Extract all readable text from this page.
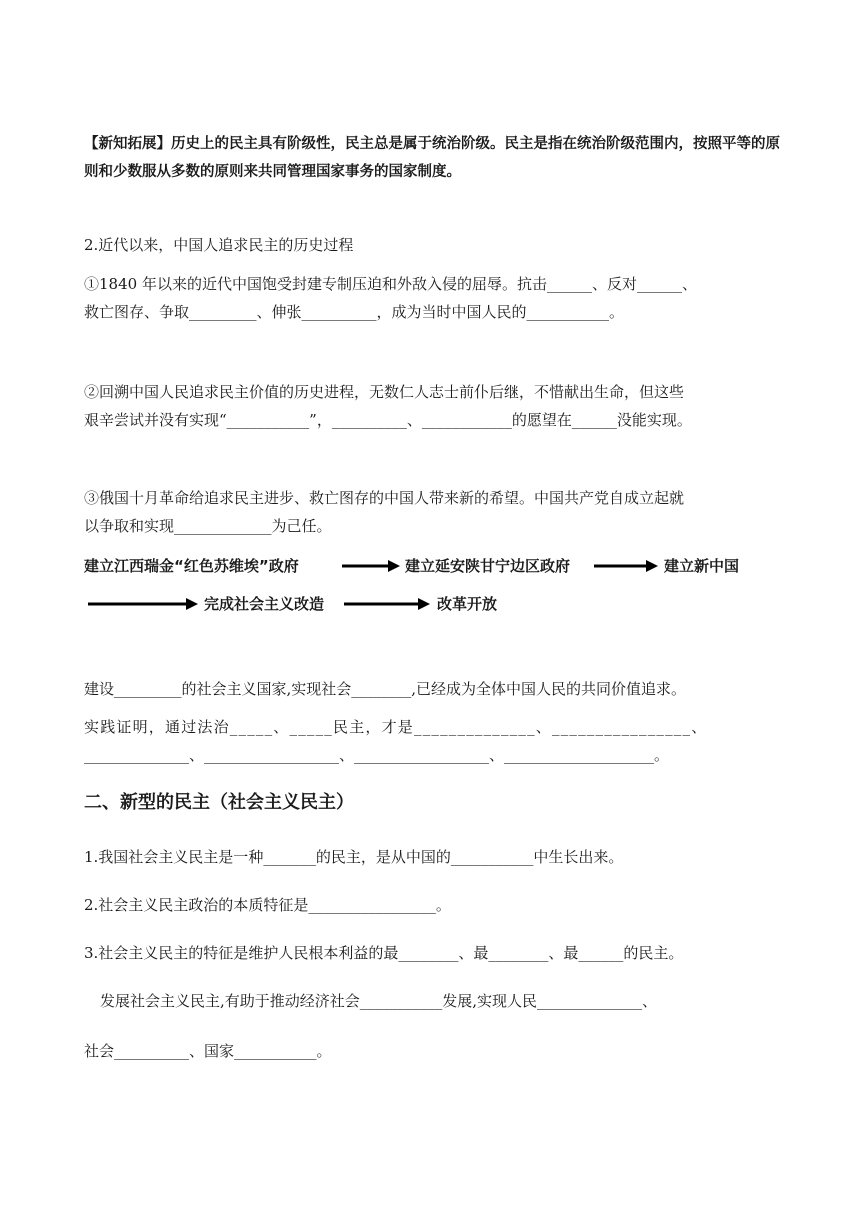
【新知拓展】历史上的民主具有阶级性，民主总是属于统治阶级。民主是指在统治阶级范围内，按照平等的原则和少数服从多数的原则来共同管理国家事务的国家制度。

2.近代以来，中国人追求民主的历史过程

①1840 年以来的近代中国饱受封建专制压迫和外敌入侵的屈辱。抗击______、反对______、

救亡图存、争取_________、伸张__________，成为当时中国人民的___________。

②回溯中国人民追求民主价值的历史进程，无数仁人志士前仆后继，不惜献出生命，但这些

艰辛尝试并没有实现“___________”，__________、____________的愿望在______没能实现。

③俄国十月革命给追求民主进步、救亡图存的中国人带来新的希望。中国共产党自成立起就

以争取和实现_____________为己任。

建立江西瑞金“红色苏维埃”政府	建立延安陕甘宁边区政府	建立新中国
完成社会主义改造	改革开放

建设_________的社会主义国家,实现社会________,已经成为全体中国人民的共同价值追求。

实践证明，通过法治_____、_____民主，才是______________、________________、

______________、__________________、__________________、____________________。

二、新型的民主（社会主义民主）

1.我国社会主义民主是一种_______的民主，是从中国的___________中生长出来。

2.社会主义民主政治的本质特征是_________________。

3.社会主义民主的特征是维护人民根本利益的最________、最________、最______的民主。

发展社会主义民主,有助于推动经济社会___________发展,实现人民______________、

社会__________、国家___________。
